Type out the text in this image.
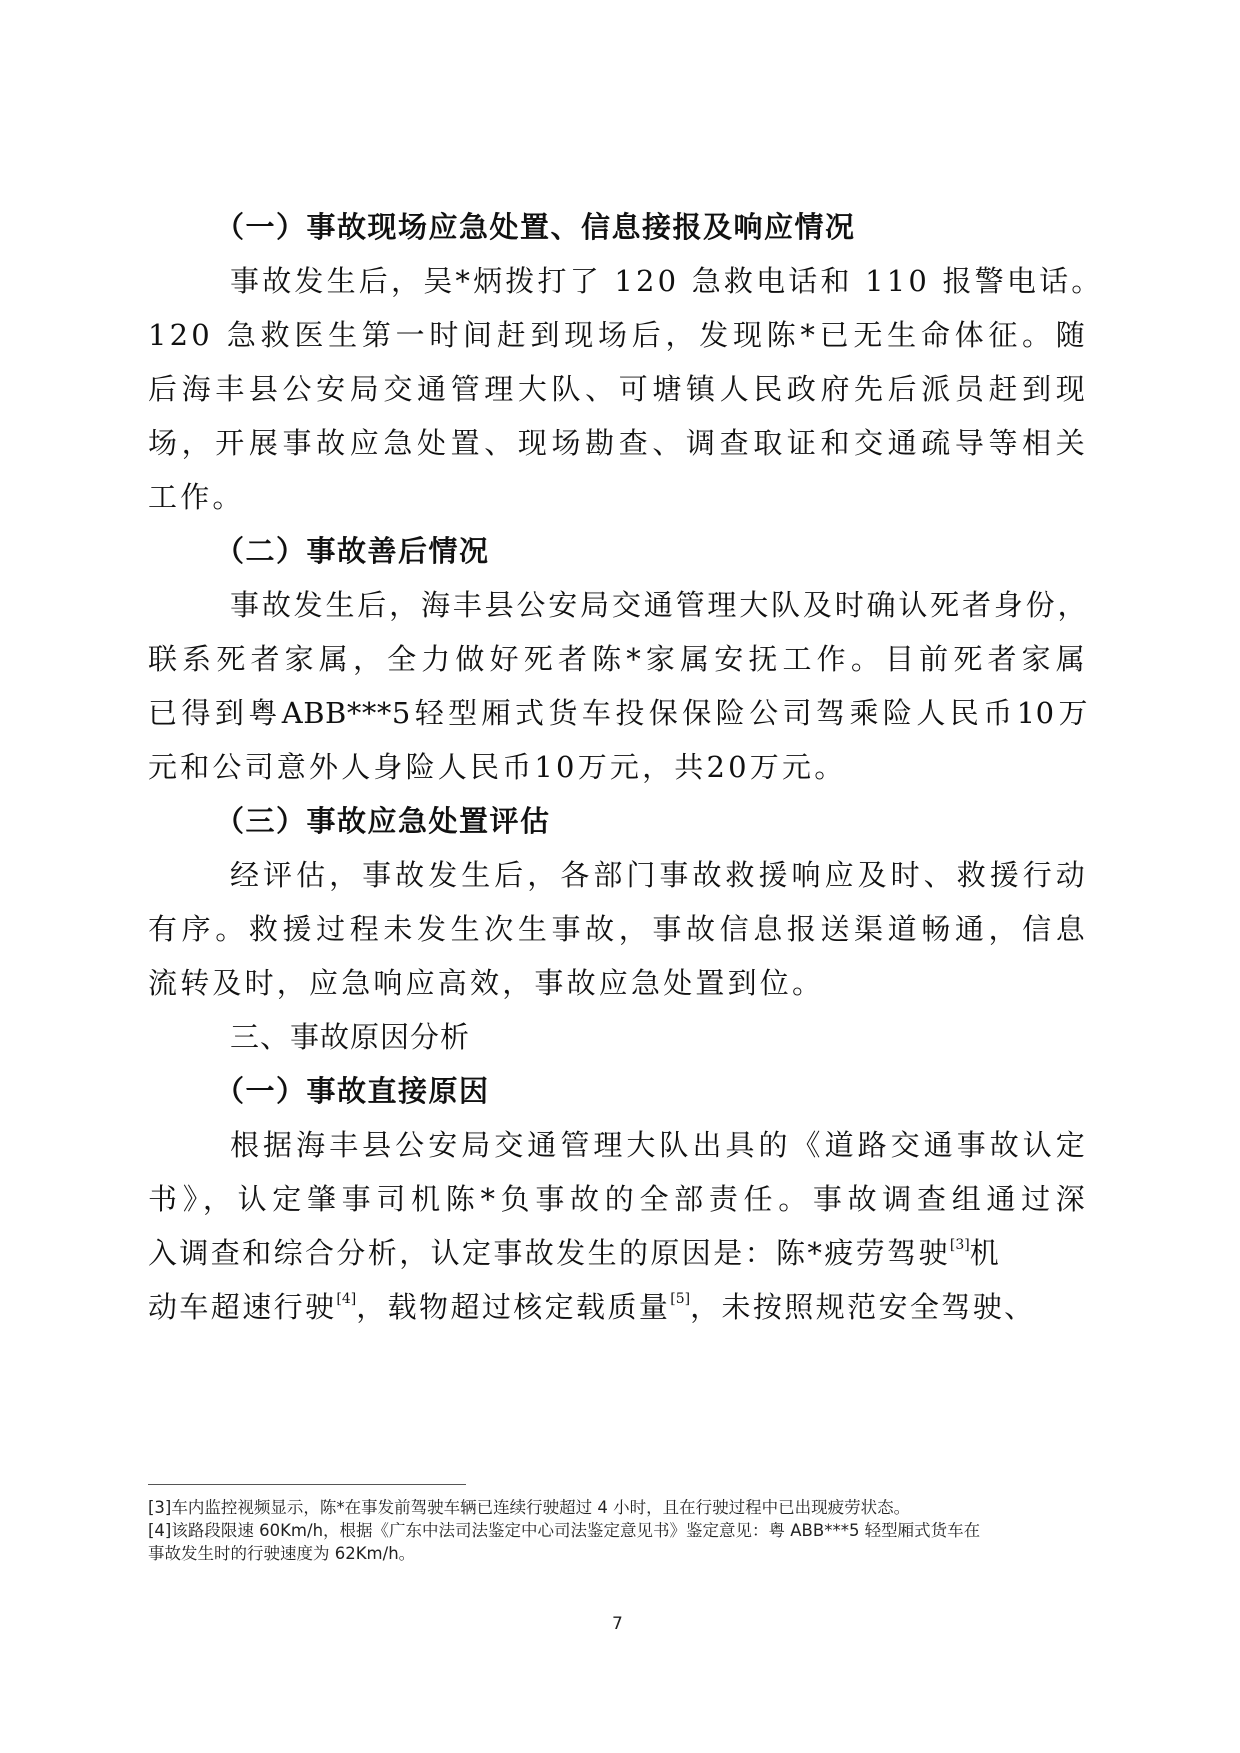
（一）事故现场应急处置、信息接报及响应情况
事故发生后，吴*炳拨打了 120 急救电话和 110 报警电话。
120 急救医生第一时间赶到现场后，发现陈*已无生命体征。随
后海丰县公安局交通管理大队、可塘镇人民政府先后派员赶到现
场，开展事故应急处置、现场勘查、调查取证和交通疏导等相关
工作。
（二）事故善后情况
事故发生后，海丰县公安局交通管理大队及时确认死者身份，
联系死者家属，全力做好死者陈*家属安抚工作。目前死者家属
已得到粤ABB***5轻型厢式货车投保保险公司驾乘险人民币10万
元和公司意外人身险人民币10万元，共20万元。
（三）事故应急处置评估
经评估，事故发生后，各部门事故救援响应及时、救援行动
有序。救援过程未发生次生事故，事故信息报送渠道畅通，信息
流转及时，应急响应高效，事故应急处置到位。
三、事故原因分析
（一）事故直接原因
根据海丰县公安局交通管理大队出具的《道路交通事故认定
书》，认定肇事司机陈*负事故的全部责任。事故调查组通过深
入调查和综合分析，认定事故发生的原因是：陈*疲劳驾驶[3]机
动车超速行驶[4]，载物超过核定载质量[5]，未按照规范安全驾驶、
[3]车内监控视频显示，陈*在事发前驾驶车辆已连续行驶超过 4 小时，且在行驶过程中已出现疲劳状态。
[4]该路段限速 60Km/h，根据《广东中法司法鉴定中心司法鉴定意见书》鉴定意见：粤 ABB***5 轻型厢式货车在
事故发生时的行驶速度为 62Km/h。
7
